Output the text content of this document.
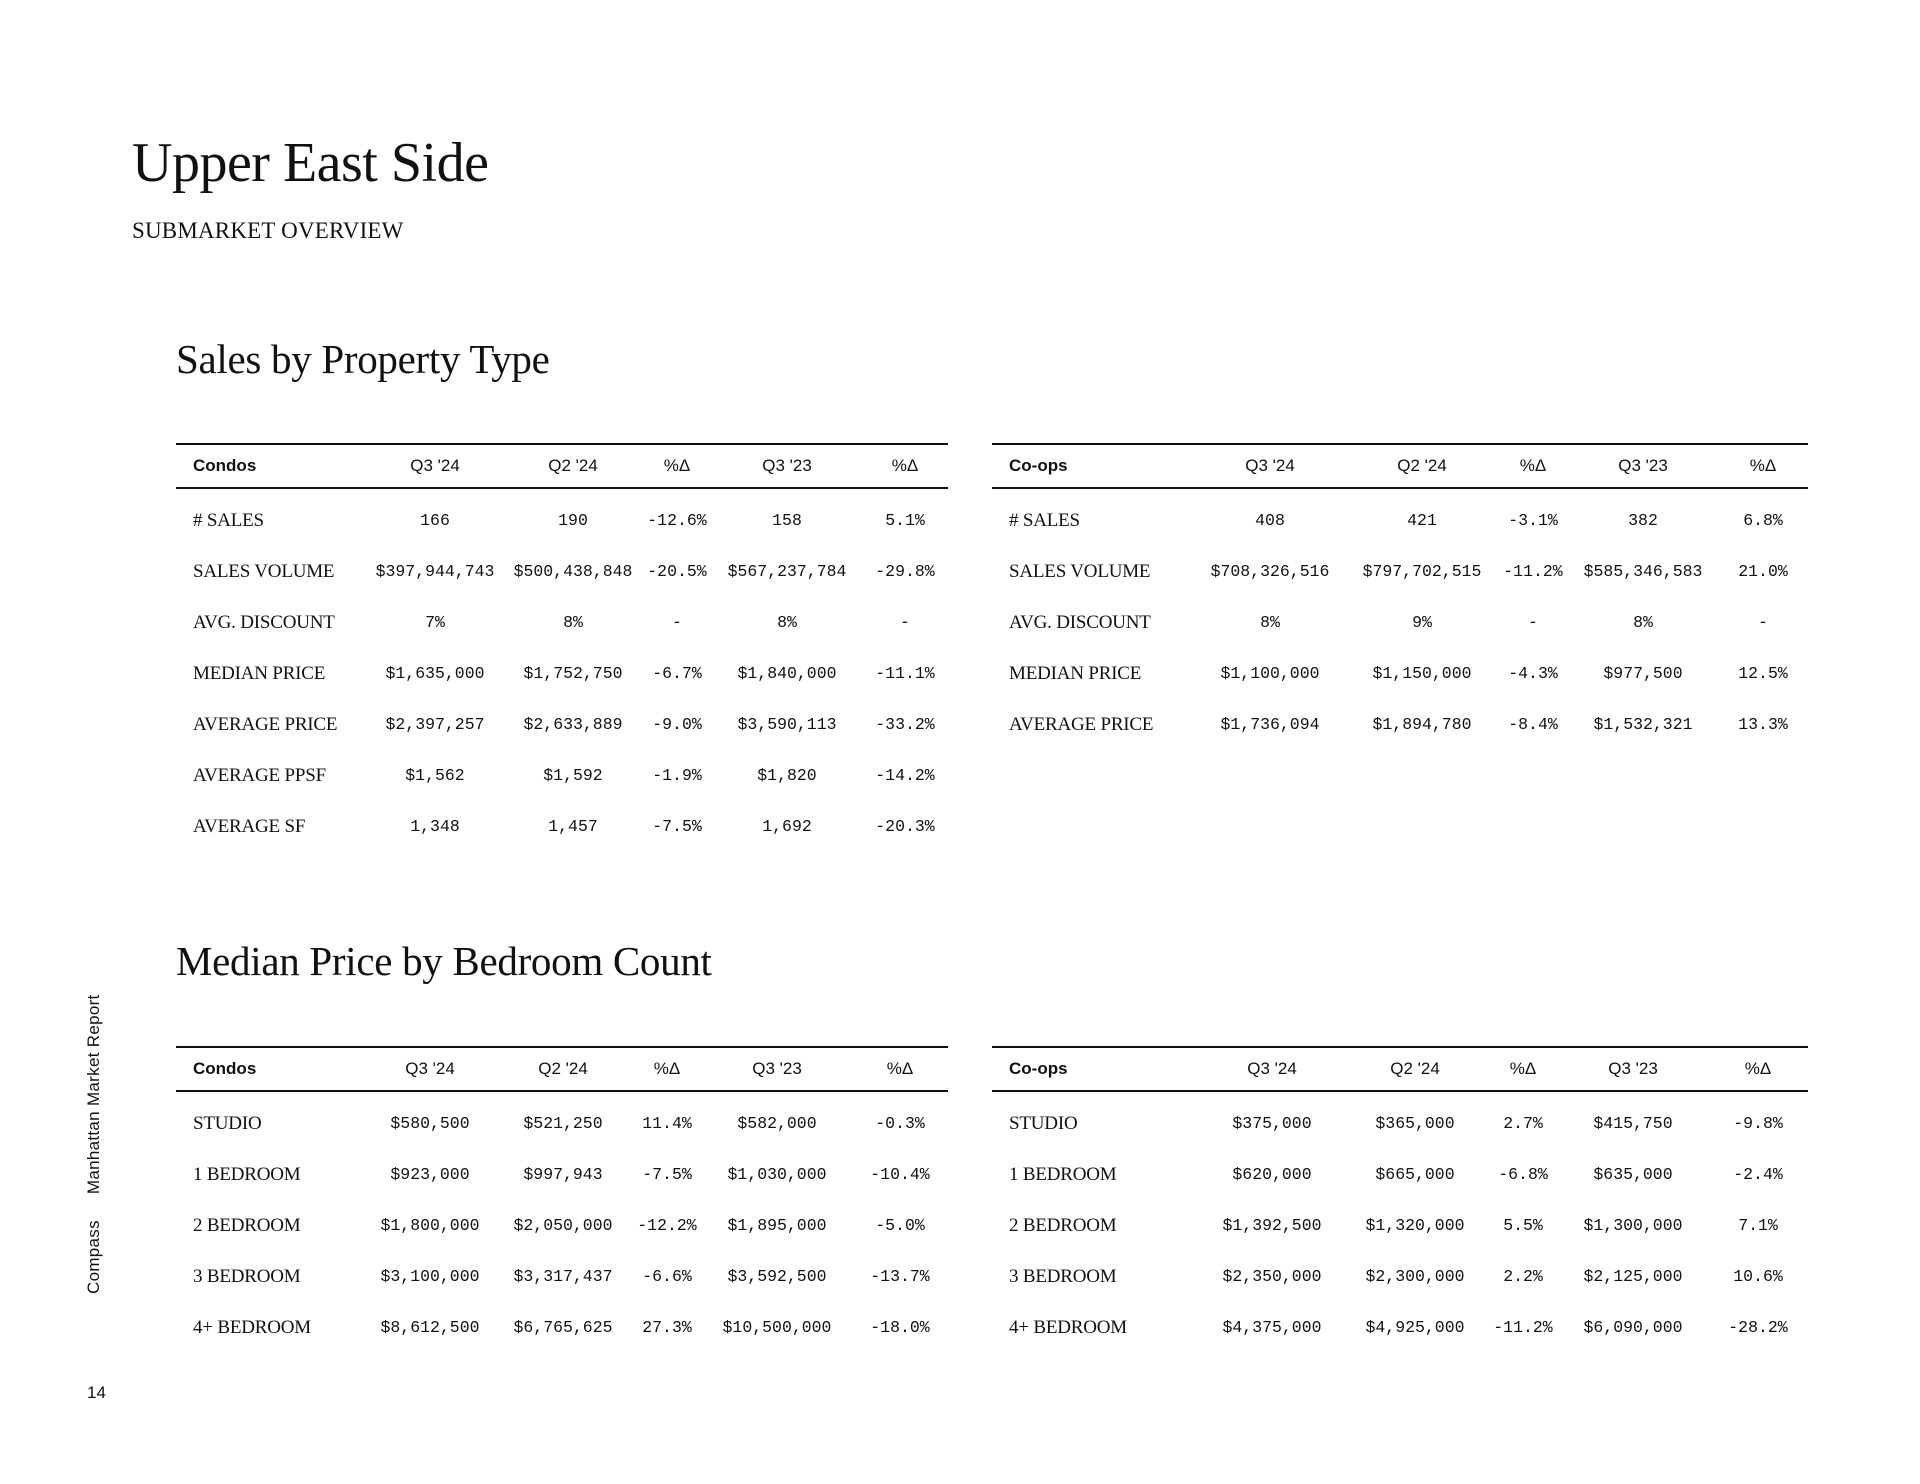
Upper East Side
SUBMARKET OVERVIEW
Sales by Property Type
Condos	Q3 '24	Q2 '24	%Δ	Q3 '23	%Δ
# SALES	166	190	-12.6%	158	5.1%
SALES VOLUME	$397,944,743	$500,438,848	-20.5%	$567,237,784	-29.8%
AVG. DISCOUNT	7%	8%	-	8%	-
MEDIAN PRICE	$1,635,000	$1,752,750	-6.7%	$1,840,000	-11.1%
AVERAGE PRICE	$2,397,257	$2,633,889	-9.0%	$3,590,113	-33.2%
AVERAGE PPSF	$1,562	$1,592	-1.9%	$1,820	-14.2%
AVERAGE SF	1,348	1,457	-7.5%	1,692	-20.3%
Co-ops	Q3 '24	Q2 '24	%Δ	Q3 '23	%Δ
# SALES	408	421	-3.1%	382	6.8%
SALES VOLUME	$708,326,516	$797,702,515	-11.2%	$585,346,583	21.0%
AVG. DISCOUNT	8%	9%	-	8%	-
MEDIAN PRICE	$1,100,000	$1,150,000	-4.3%	$977,500	12.5%
AVERAGE PRICE	$1,736,094	$1,894,780	-8.4%	$1,532,321	13.3%
Median Price by Bedroom Count
Condos	Q3 '24	Q2 '24	%Δ	Q3 '23	%Δ
STUDIO	$580,500	$521,250	11.4%	$582,000	-0.3%
1 BEDROOM	$923,000	$997,943	-7.5%	$1,030,000	-10.4%
2 BEDROOM	$1,800,000	$2,050,000	-12.2%	$1,895,000	-5.0%
3 BEDROOM	$3,100,000	$3,317,437	-6.6%	$3,592,500	-13.7%
4+ BEDROOM	$8,612,500	$6,765,625	27.3%	$10,500,000	-18.0%
Co-ops	Q3 '24	Q2 '24	%Δ	Q3 '23	%Δ
STUDIO	$375,000	$365,000	2.7%	$415,750	-9.8%
1 BEDROOM	$620,000	$665,000	-6.8%	$635,000	-2.4%
2 BEDROOM	$1,392,500	$1,320,000	5.5%	$1,300,000	7.1%
3 BEDROOM	$2,350,000	$2,300,000	2.2%	$2,125,000	10.6%
4+ BEDROOM	$4,375,000	$4,925,000	-11.2%	$6,090,000	-28.2%
CompassManhattan Market Report
14
